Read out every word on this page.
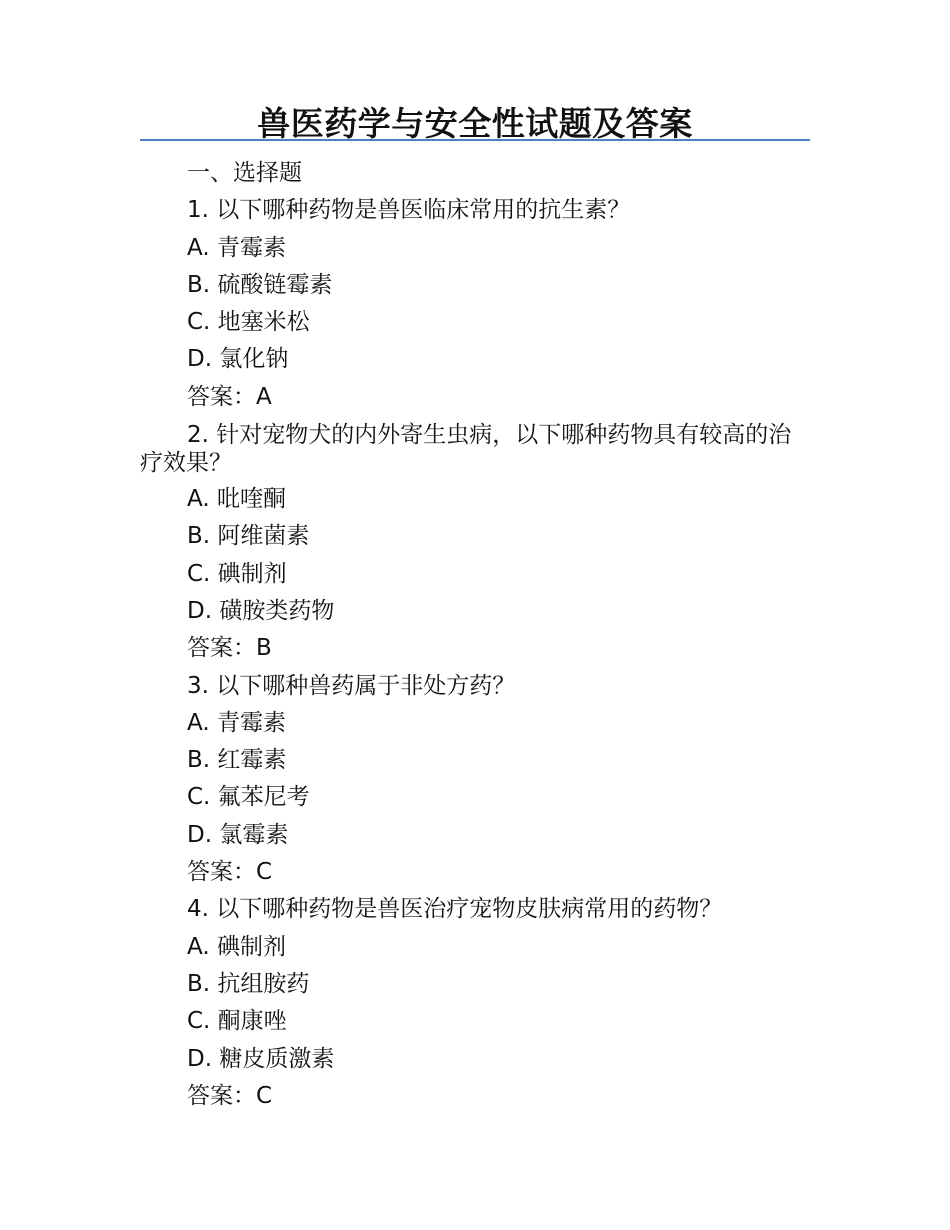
兽医药学与安全性试题及答案

一、选择题

1. 以下哪种药物是兽医临床常用的抗生素？

A. 青霉素

B. 硫酸链霉素

C. 地塞米松

D. 氯化钠

答案：A

2. 针对宠物犬的内外寄生虫病，以下哪种药物具有较高的治疗效果？

A. 吡喹酮

B. 阿维菌素

C. 碘制剂

D. 磺胺类药物

答案：B

3. 以下哪种兽药属于非处方药？

A. 青霉素

B. 红霉素

C. 氟苯尼考

D. 氯霉素

答案：C

4. 以下哪种药物是兽医治疗宠物皮肤病常用的药物？

A. 碘制剂

B. 抗组胺药

C. 酮康唑

D. 糖皮质激素

答案：C
